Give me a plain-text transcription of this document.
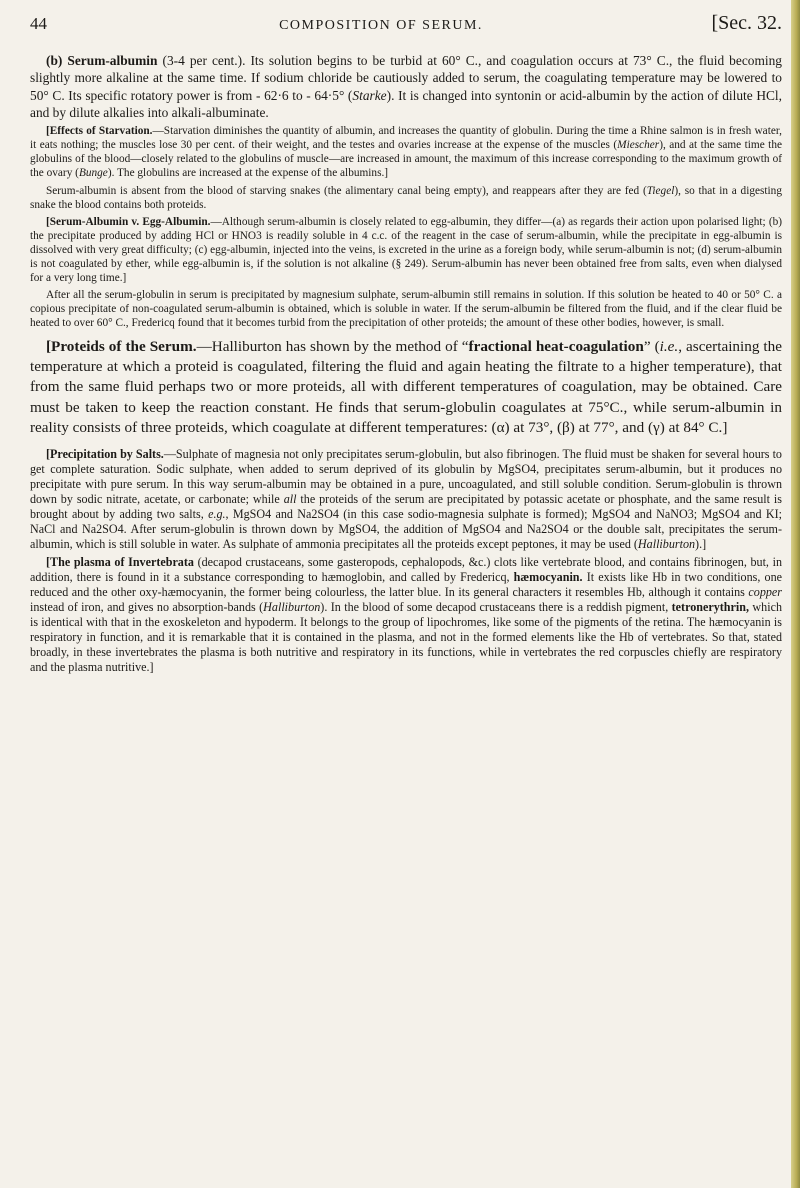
44	COMPOSITION OF SERUM.	[Sec. 32.

(b) Serum-albumin (3-4 per cent.). Its solution begins to be turbid at 60° C., and coagulation occurs at 73° C., the fluid becoming slightly more alkaline at the same time. If sodium chloride be cautiously added to serum, the coagulating temperature may be lowered to 50° C. Its specific rotatory power is from - 62·6 to - 64·5° (Starke). It is changed into syntonin or acid-albumin by the action of dilute HCl, and by dilute alkalies into alkali-albuminate.

[Effects of Starvation.—Starvation diminishes the quantity of albumin, and increases the quantity of globulin. During the time a Rhine salmon is in fresh water, it eats nothing; the muscles lose 30 per cent. of their weight, and the testes and ovaries increase at the expense of the muscles (Miescher), and at the same time the globulins of the blood—closely related to the globulins of muscle—are increased in amount, the maximum of this increase corresponding to the maximum growth of the ovary (Bunge). The globulins are increased at the expense of the albumins.]

Serum-albumin is absent from the blood of starving snakes (the alimentary canal being empty), and reappears after they are fed (Tiegel), so that in a digesting snake the blood contains both proteids.

[Serum-Albumin v. Egg-Albumin.—Although serum-albumin is closely related to egg-albumin, they differ—(a) as regards their action upon polarised light; (b) the precipitate produced by adding HCl or HNO3 is readily soluble in 4 c.c. of the reagent in the case of serum-albumin, while the precipitate in egg-albumin is dissolved with very great difficulty; (c) egg-albumin, injected into the veins, is excreted in the urine as a foreign body, while serum-albumin is not; (d) serum-albumin is not coagulated by ether, while egg-albumin is, if the solution is not alkaline (§ 249). Serum-albumin has never been obtained free from salts, even when dialysed for a very long time.]

After all the serum-globulin in serum is precipitated by magnesium sulphate, serum-albumin still remains in solution. If this solution be heated to 40 or 50° C. a copious precipitate of non-coagulated serum-albumin is obtained, which is soluble in water. If the serum-albumin be filtered from the fluid, and if the clear fluid be heated to over 60° C., Fredericq found that it becomes turbid from the precipitation of other proteids; the amount of these other bodies, however, is small.

[Proteids of the Serum.—Halliburton has shown by the method of “fractional heat-coagulation” (i.e., ascertaining the temperature at which a proteid is coagulated, filtering the fluid and again heating the filtrate to a higher temperature), that from the same fluid perhaps two or more proteids, all with different temperatures of coagulation, may be obtained. Care must be taken to keep the reaction constant. He finds that serum-globulin coagulates at 75°C., while serum-albumin in reality consists of three proteids, which coagulate at different temperatures: (α) at 73°, (β) at 77°, and (γ) at 84° C.]

[Precipitation by Salts.—Sulphate of magnesia not only precipitates serum-globulin, but also fibrinogen. The fluid must be shaken for several hours to get complete saturation. Sodic sulphate, when added to serum deprived of its globulin by MgSO4, precipitates serum-albumin, but it produces no precipitate with pure serum. In this way serum-albumin may be obtained in a pure, uncoagulated, and still soluble condition. Serum-globulin is thrown down by sodic nitrate, acetate, or carbonate; while all the proteids of the serum are precipitated by potassic acetate or phosphate, and the same result is brought about by adding two salts, e.g., MgSO4 and Na2SO4 (in this case sodio-magnesia sulphate is formed); MgSO4 and NaNO3; MgSO4 and KI; NaCl and Na2SO4. After serum-globulin is thrown down by MgSO4, the addition of MgSO4 and Na2SO4 or the double salt, precipitates the serum-albumin, which is still soluble in water. As sulphate of ammonia precipitates all the proteids except peptones, it may be used (Halliburton).]

[The plasma of Invertebrata (decapod crustaceans, some gasteropods, cephalopods, &c.) clots like vertebrate blood, and contains fibrinogen, but, in addition, there is found in it a substance corresponding to hæmoglobin, and called by Fredericq, hæmocyanin. It exists like Hb in two conditions, one reduced and the other oxy-hæmocyanin, the former being colourless, the latter blue. In its general characters it resembles Hb, although it contains copper instead of iron, and gives no absorption-bands (Halliburton). In the blood of some decapod crustaceans there is a reddish pigment, tetronerythrin, which is identical with that in the exoskeleton and hypoderm. It belongs to the group of lipochromes, like some of the pigments of the retina. The hæmocyanin is respiratory in function, and it is remarkable that it is contained in the plasma, and not in the formed elements like the Hb of vertebrates. So that, stated broadly, in these invertebrates the plasma is both nutritive and respiratory in its functions, while in vertebrates the red corpuscles chiefly are respiratory and the plasma nutritive.]
